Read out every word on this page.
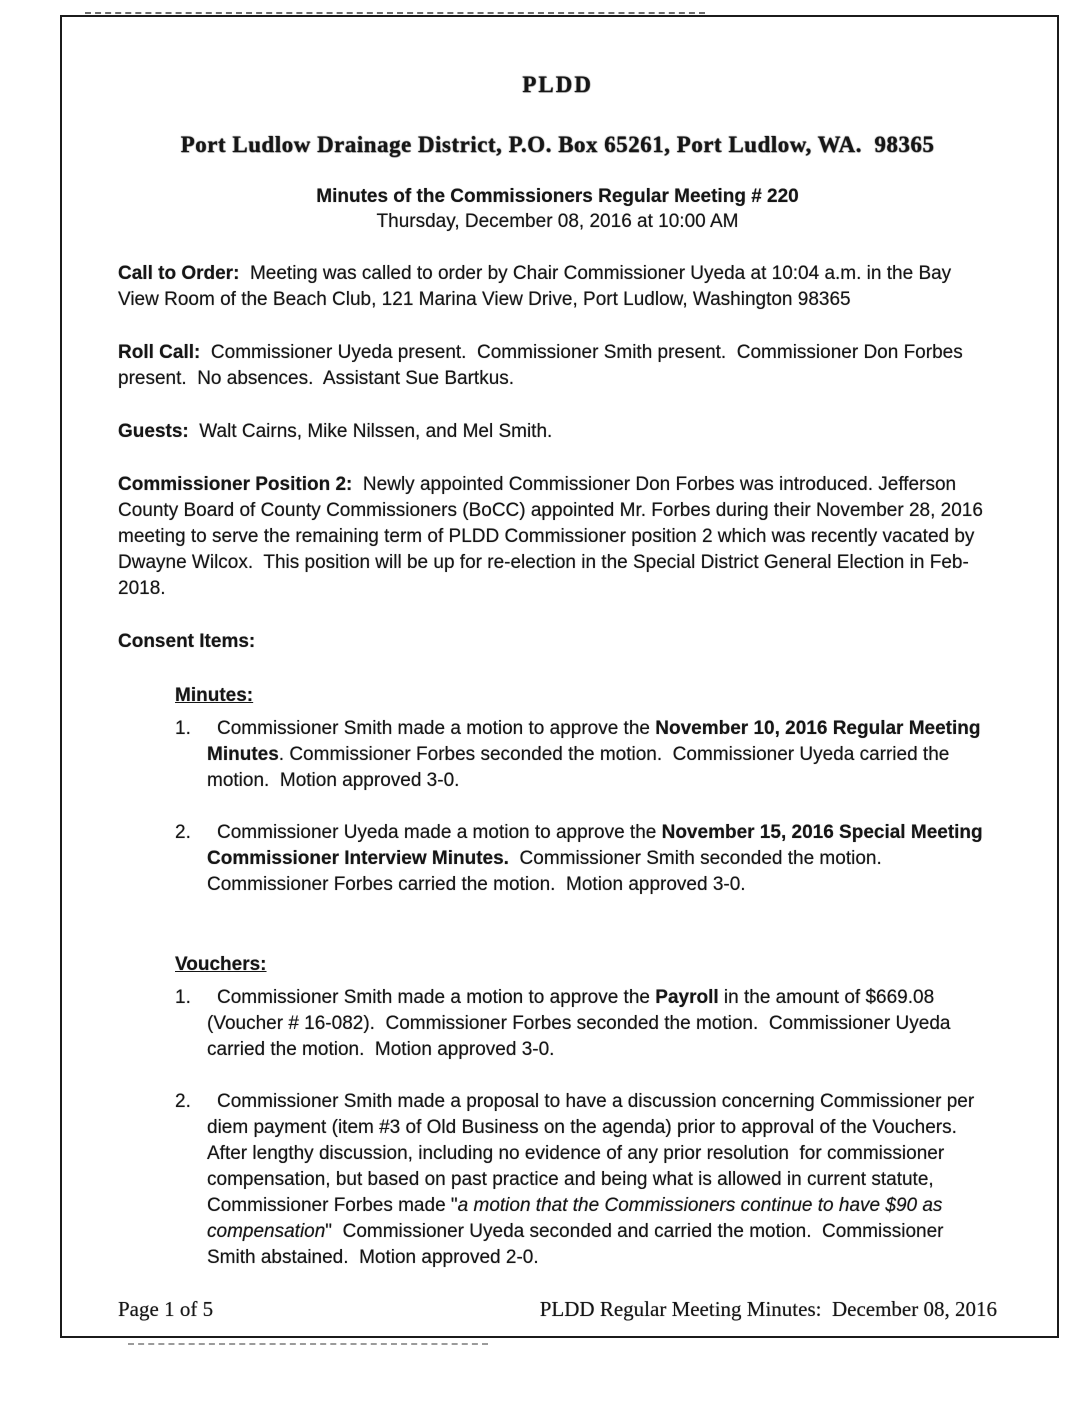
PLDD
Port Ludlow Drainage District, P.O. Box 65261, Port Ludlow, WA.  98365
Minutes of the Commissioners Regular Meeting # 220
Thursday, December 08, 2016 at 10:00 AM
Call to Order:  Meeting was called to order by Chair Commissioner Uyeda at 10:04 a.m. in the Bay View Room of the Beach Club, 121 Marina View Drive, Port Ludlow, Washington 98365
Roll Call:  Commissioner Uyeda present.  Commissioner Smith present.  Commissioner Don Forbes present.  No absences.  Assistant Sue Bartkus.
Guests:  Walt Cairns, Mike Nilssen, and Mel Smith.
Commissioner Position 2:  Newly appointed Commissioner Don Forbes was introduced. Jefferson County Board of County Commissioners (BoCC) appointed Mr. Forbes during their November 28, 2016 meeting to serve the remaining term of PLDD Commissioner position 2 which was recently vacated by Dwayne Wilcox.  This position will be up for re-election in the Special District General Election in Feb-2018.
Consent Items:
Minutes:
1. Commissioner Smith made a motion to approve the November 10, 2016 Regular Meeting Minutes. Commissioner Forbes seconded the motion.  Commissioner Uyeda carried the motion.  Motion approved 3-0.
2. Commissioner Uyeda made a motion to approve the November 15, 2016 Special Meeting Commissioner Interview Minutes.  Commissioner Smith seconded the motion.  Commissioner Forbes carried the motion.  Motion approved 3-0.
Vouchers:
1. Commissioner Smith made a motion to approve the Payroll in the amount of $669.08 (Voucher # 16-082).  Commissioner Forbes seconded the motion.  Commissioner Uyeda carried the motion.  Motion approved 3-0.
2. Commissioner Smith made a proposal to have a discussion concerning Commissioner per diem payment (item #3 of Old Business on the agenda) prior to approval of the Vouchers. After lengthy discussion, including no evidence of any prior resolution  for commissioner compensation, but based on past practice and being what is allowed in current statute, Commissioner Forbes made "a motion that the Commissioners continue to have $90 as compensation"  Commissioner Uyeda seconded and carried the motion.  Commissioner Smith abstained.  Motion approved 2-0.
Page 1 of 5	PLDD Regular Meeting Minutes:  December 08, 2016
